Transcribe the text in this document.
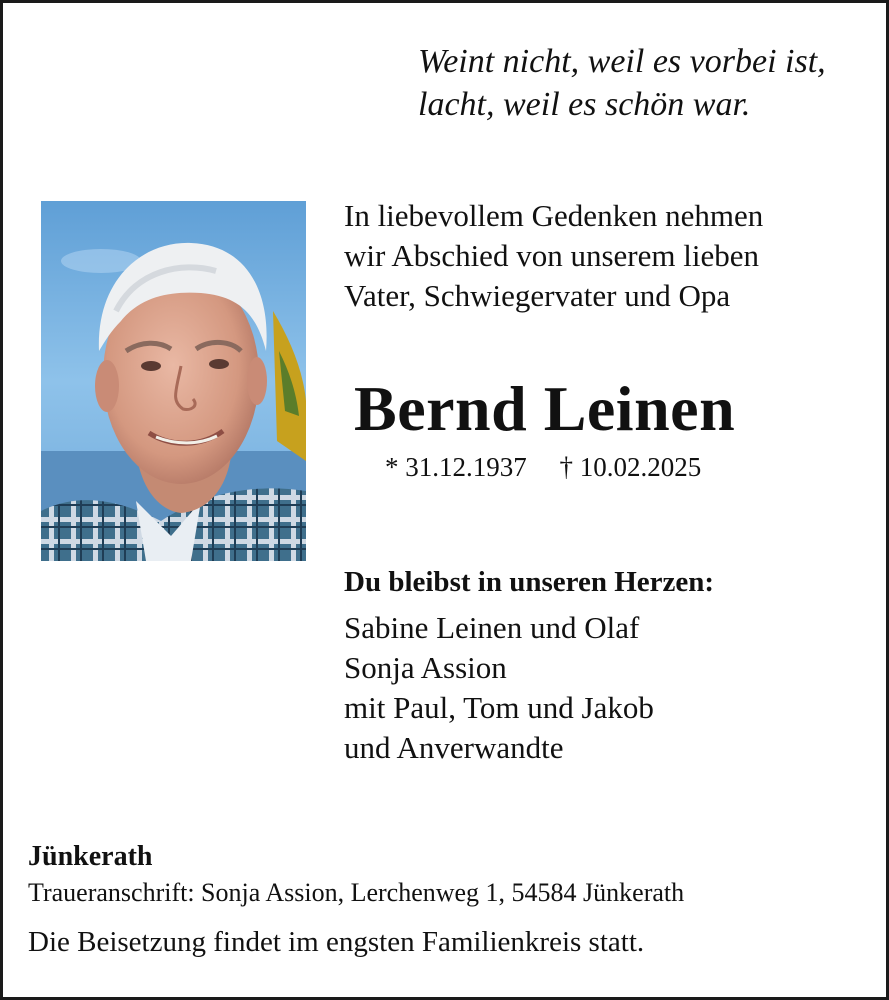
Weint nicht, weil es vorbei ist,
lacht, weil es schön war.
In liebevollem Gedenken nehmen
wir Abschied von unserem lieben
Vater, Schwiegervater und Opa
Bernd Leinen
* 31.12.1937 † 10.02.2025
Du bleibst in unseren Herzen:
Sabine Leinen und Olaf
Sonja Assion
mit Paul, Tom und Jakob
und Anverwandte
Jünkerath
Traueranschrift: Sonja Assion, Lerchenweg 1, 54584 Jünkerath
Die Beisetzung findet im engsten Familienkreis statt.
